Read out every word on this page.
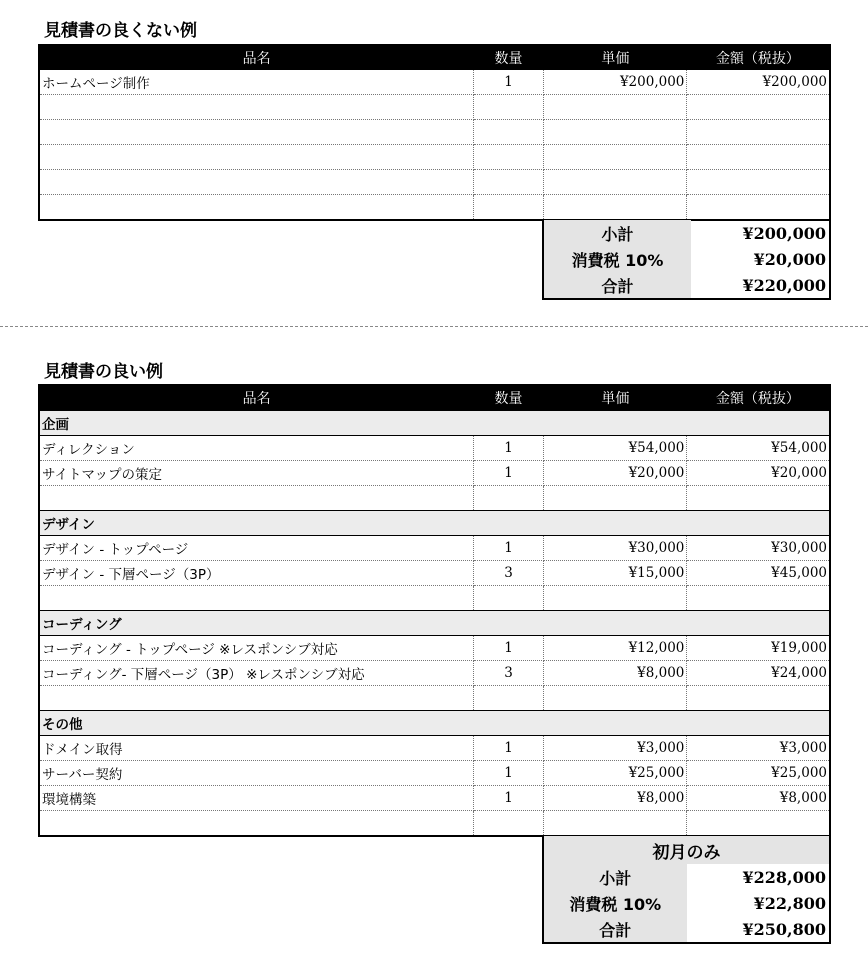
見積書の良くない例
品名	数量	単価	金額（税抜）
ホームページ制作	1	¥200,000	¥200,000

小計	¥200,000
消費税 10%	¥20,000
合計	¥220,000
見積書の良い例
品名	数量	単価	金額（税抜）
企画			
ディレクション	1	¥54,000	¥54,000
サイトマップの策定	1	¥20,000	¥20,000

デザイン			
デザイン - トップページ	1	¥30,000	¥30,000
デザイン - 下層ページ（3P）	3	¥15,000	¥45,000

コーディング			
コーディング - トップページ ※レスポンシブ対応	1	¥12,000	¥19,000
コーディング- 下層ページ（3P） ※レスポンシブ対応	3	¥8,000	¥24,000

その他			
ドメイン取得	1	¥3,000	¥3,000
サーバー契約	1	¥25,000	¥25,000
環境構築	1	¥8,000	¥8,000

初月のみ	
小計	¥228,000
消費税 10%	¥22,800
合計	¥250,800
